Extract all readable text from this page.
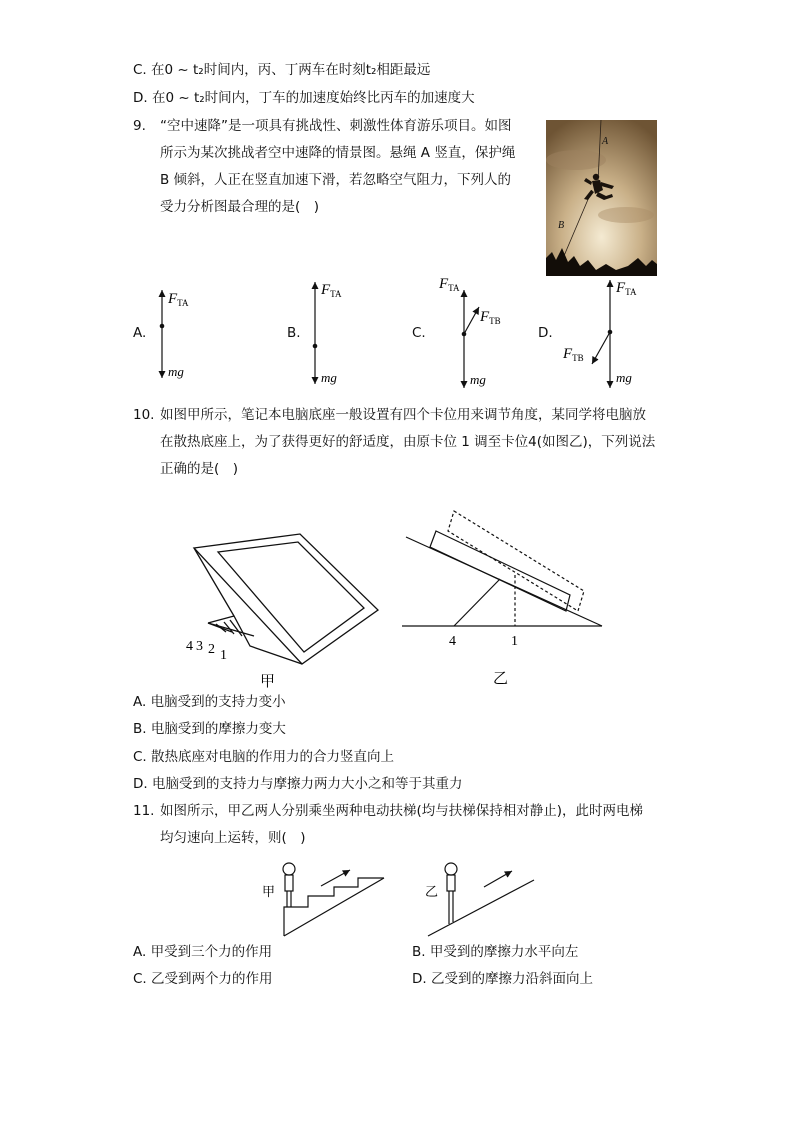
C. 在0 ~ t₂时间内，丙、丁两车在时刻t₂相距最远
D. 在0 ~ t₂时间内，丁车的加速度始终比丙车的加速度大
9. “空中速降”是一项具有挑战性、刺激性体育游乐项目。如图
所示为某次挑战者空中速降的情景图。悬绳 A 竖直，保护绳
B 倾斜，人正在竖直加速下滑，若忽略空气阻力，下列人的
受力分析图最合理的是(　)
A
B
A.	B.	C.	D.
$F_{TA}$
mg
$F_{TA}$
mg
$F_{TA}$
$F_{TB}$
mg
$F_{TA}$
$F_{TB}$
mg
10. 如图甲所示，笔记本电脑底座一般设置有四个卡位用来调节角度，某同学将电脑放
在散热底座上，为了获得更好的舒适度，由原卡位 1 调至卡位4(如图乙)，下列说法
正确的是(　)
4 3 2 1
甲
4	1
乙
A. 电脑受到的支持力变小
B. 电脑受到的摩擦力变大
C. 散热底座对电脑的作用力的合力竖直向上
D. 电脑受到的支持力与摩擦力两力大小之和等于其重力
11. 如图所示，甲乙两人分别乘坐两种电动扶梯(均与扶梯保持相对静止)，此时两电梯
均匀速向上运转，则(　)
甲	乙
A. 甲受到三个力的作用	B. 甲受到的摩擦力水平向左
C. 乙受到两个力的作用	D. 乙受到的摩擦力沿斜面向上
